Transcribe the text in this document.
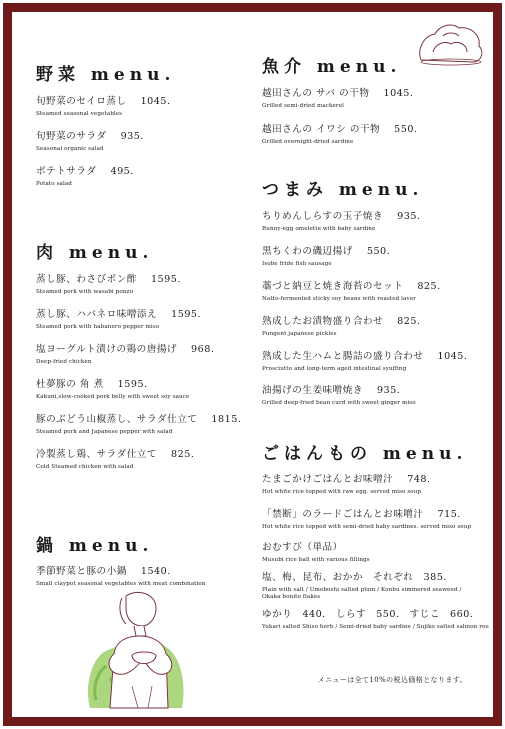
野菜 menu.
旬野菜のセイロ蒸し 1045.
Steamed seasonal vegetables
旬野菜のサラダ 935.
Seasonal organic salad
ポテトサラダ 495.
Potato salad
肉 menu.
蒸し豚、わさびポン酢 1595.
Steamed pork with wasabi ponzu
蒸し豚、ハバネロ味噌添え 1595.
Steamed pork with habanero pepper miso
塩ヨーグルト漬けの鶏の唐揚げ 968.
Deep-fried chicken
杜夢豚の 角 煮 1595.
Kakuni,slow-cooked pork belly with sweet soy sauce
豚のぶどう山椒蒸し、サラダ仕立て 1815.
Steamed pork and Japanese pepper with salad
冷製蒸し鶏、サラダ仕立て 825.
Cold Steamed chicken with salad
鍋 menu.
季節野菜と豚の小鍋 1540.
Small claypot seasonal vegetables with meat combination
魚介 menu.
越田さんの サバ の干物 1045.
Grilled semi-dried mackerel
越田さんの イワシ の干物 550.
Grilled overnight-dried sardine
つまみ menu.
ちりめんしらすの玉子焼き 935.
Runny-egg omelette with baby sardine
黒ちくわの磯辺揚げ 550.
Isobe fride fish sausage
藁づと納豆と焼き海苔のセット 825.
Natto-fermented sticky soy beans with roasted laver
熟成したお漬物盛り合わせ 825.
Pungent japanese pickles
熟成した生ハムと腸詰の盛り合わせ 1045.
Prosciutto and long-term aged intestinal syuffing
油揚げの生姜味噌焼き 935.
Grilled deep-fried bean curd with sweet ginger miso
ごはんもの menu.
たまごかけごはんとお味噌汁 748.
Hot white rice topped with raw egg. served miso soup
「禁断」のラードごはんとお味噌汁 715.
Hot white rice topped with semi-dried baby sardines. served miso soup
おむすび（単品）
Musubi rice ball with various fillings
塩、梅、昆布、おかか　それぞれ　385.
Plain with salt / Umeboshi salted plum / Konbu simmered seaweed / Okaka bonito flakes
ゆかり　440.　しらす　550.　すじこ　660.
Yukari salted Shiso herb / Semi-dried baby sardine / Sujiko salted salmon roe
メニューは全て10%の税込価格となります。
